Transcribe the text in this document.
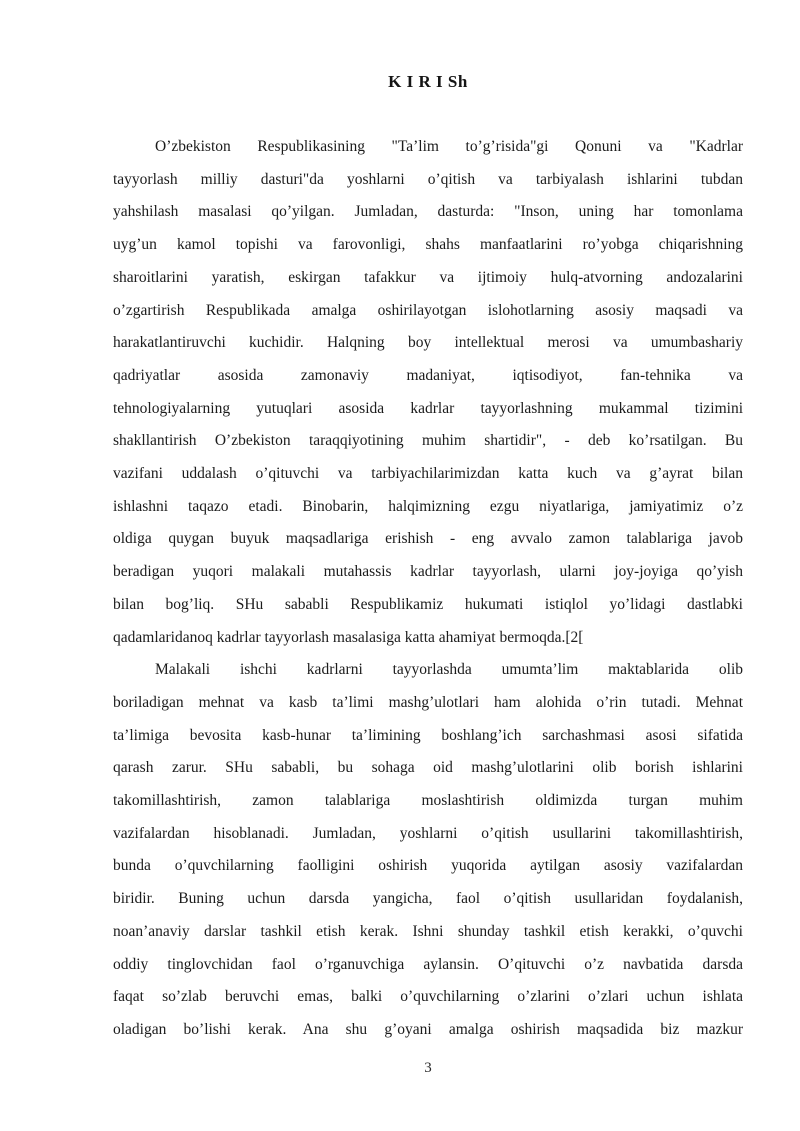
K I R I Sh
O’zbekiston Respublikasining "Ta’lim to’g’risida"gi Qonuni va "Kadrlar
tayyorlash milliy dasturi"da yoshlarni o’qitish va tarbiyalash ishlarini tubdan
yahshilash masalasi qo’yilgan. Jumladan, dasturda: "Inson, uning har tomonlama
uyg’un kamol topishi va farovonligi, shahs manfaatlarini ro’yobga chiqarishning
sharoitlarini yaratish, eskirgan tafakkur va ijtimoiy hulq-atvorning andozalarini
o’zgartirish Respublikada amalga oshirilayotgan islohotlarning asosiy maqsadi va
harakatlantiruvchi kuchidir. Halqning boy intellektual merosi va umumbashariy
qadriyatlar asosida zamonaviy madaniyat, iqtisodiyot, fan-tehnika va
tehnologiyalarning yutuqlari asosida kadrlar tayyorlashning mukammal tizimini
shakllantirish O’zbekiston taraqqiyotining muhim shartidir", - deb ko’rsatilgan. Bu
vazifani uddalash o’qituvchi va tarbiyachilarimizdan katta kuch va g’ayrat bilan
ishlashni taqazo etadi. Binobarin, halqimizning ezgu niyatlariga, jamiyatimiz o’z
oldiga quygan buyuk maqsadlariga erishish - eng avvalo zamon talablariga javob
beradigan yuqori malakali mutahassis kadrlar tayyorlash, ularni joy-joyiga qo’yish
bilan bog’liq. SHu sababli Respublikamiz hukumati istiqlol yo’lidagi dastlabki
qadamlaridanoq kadrlar tayyorlash masalasiga katta ahamiyat bermoqda.[2[
Malakali ishchi kadrlarni tayyorlashda umumta’lim maktablarida olib
boriladigan mehnat va kasb ta’limi mashg’ulotlari ham alohida o’rin tutadi. Mehnat
ta’limiga bevosita kasb-hunar ta’limining boshlang’ich sarchashmasi asosi sifatida
qarash zarur. SHu sababli, bu sohaga oid mashg’ulotlarini olib borish ishlarini
takomillashtirish, zamon talablariga moslashtirish oldimizda turgan muhim
vazifalardan hisoblanadi. Jumladan, yoshlarni o’qitish usullarini takomillashtirish,
bunda o’quvchilarning faolligini oshirish yuqorida aytilgan asosiy vazifalardan
biridir. Buning uchun darsda yangicha, faol o’qitish usullaridan foydalanish,
noan’anaviy darslar tashkil etish kerak. Ishni shunday tashkil etish kerakki, o’quvchi
oddiy tinglovchidan faol o’rganuvchiga aylansin. O’qituvchi o’z navbatida darsda
faqat so’zlab beruvchi emas, balki o’quvchilarning o’zlarini o’zlari uchun ishlata
oladigan bo’lishi kerak. Ana shu g’oyani amalga oshirish maqsadida biz mazkur
3
